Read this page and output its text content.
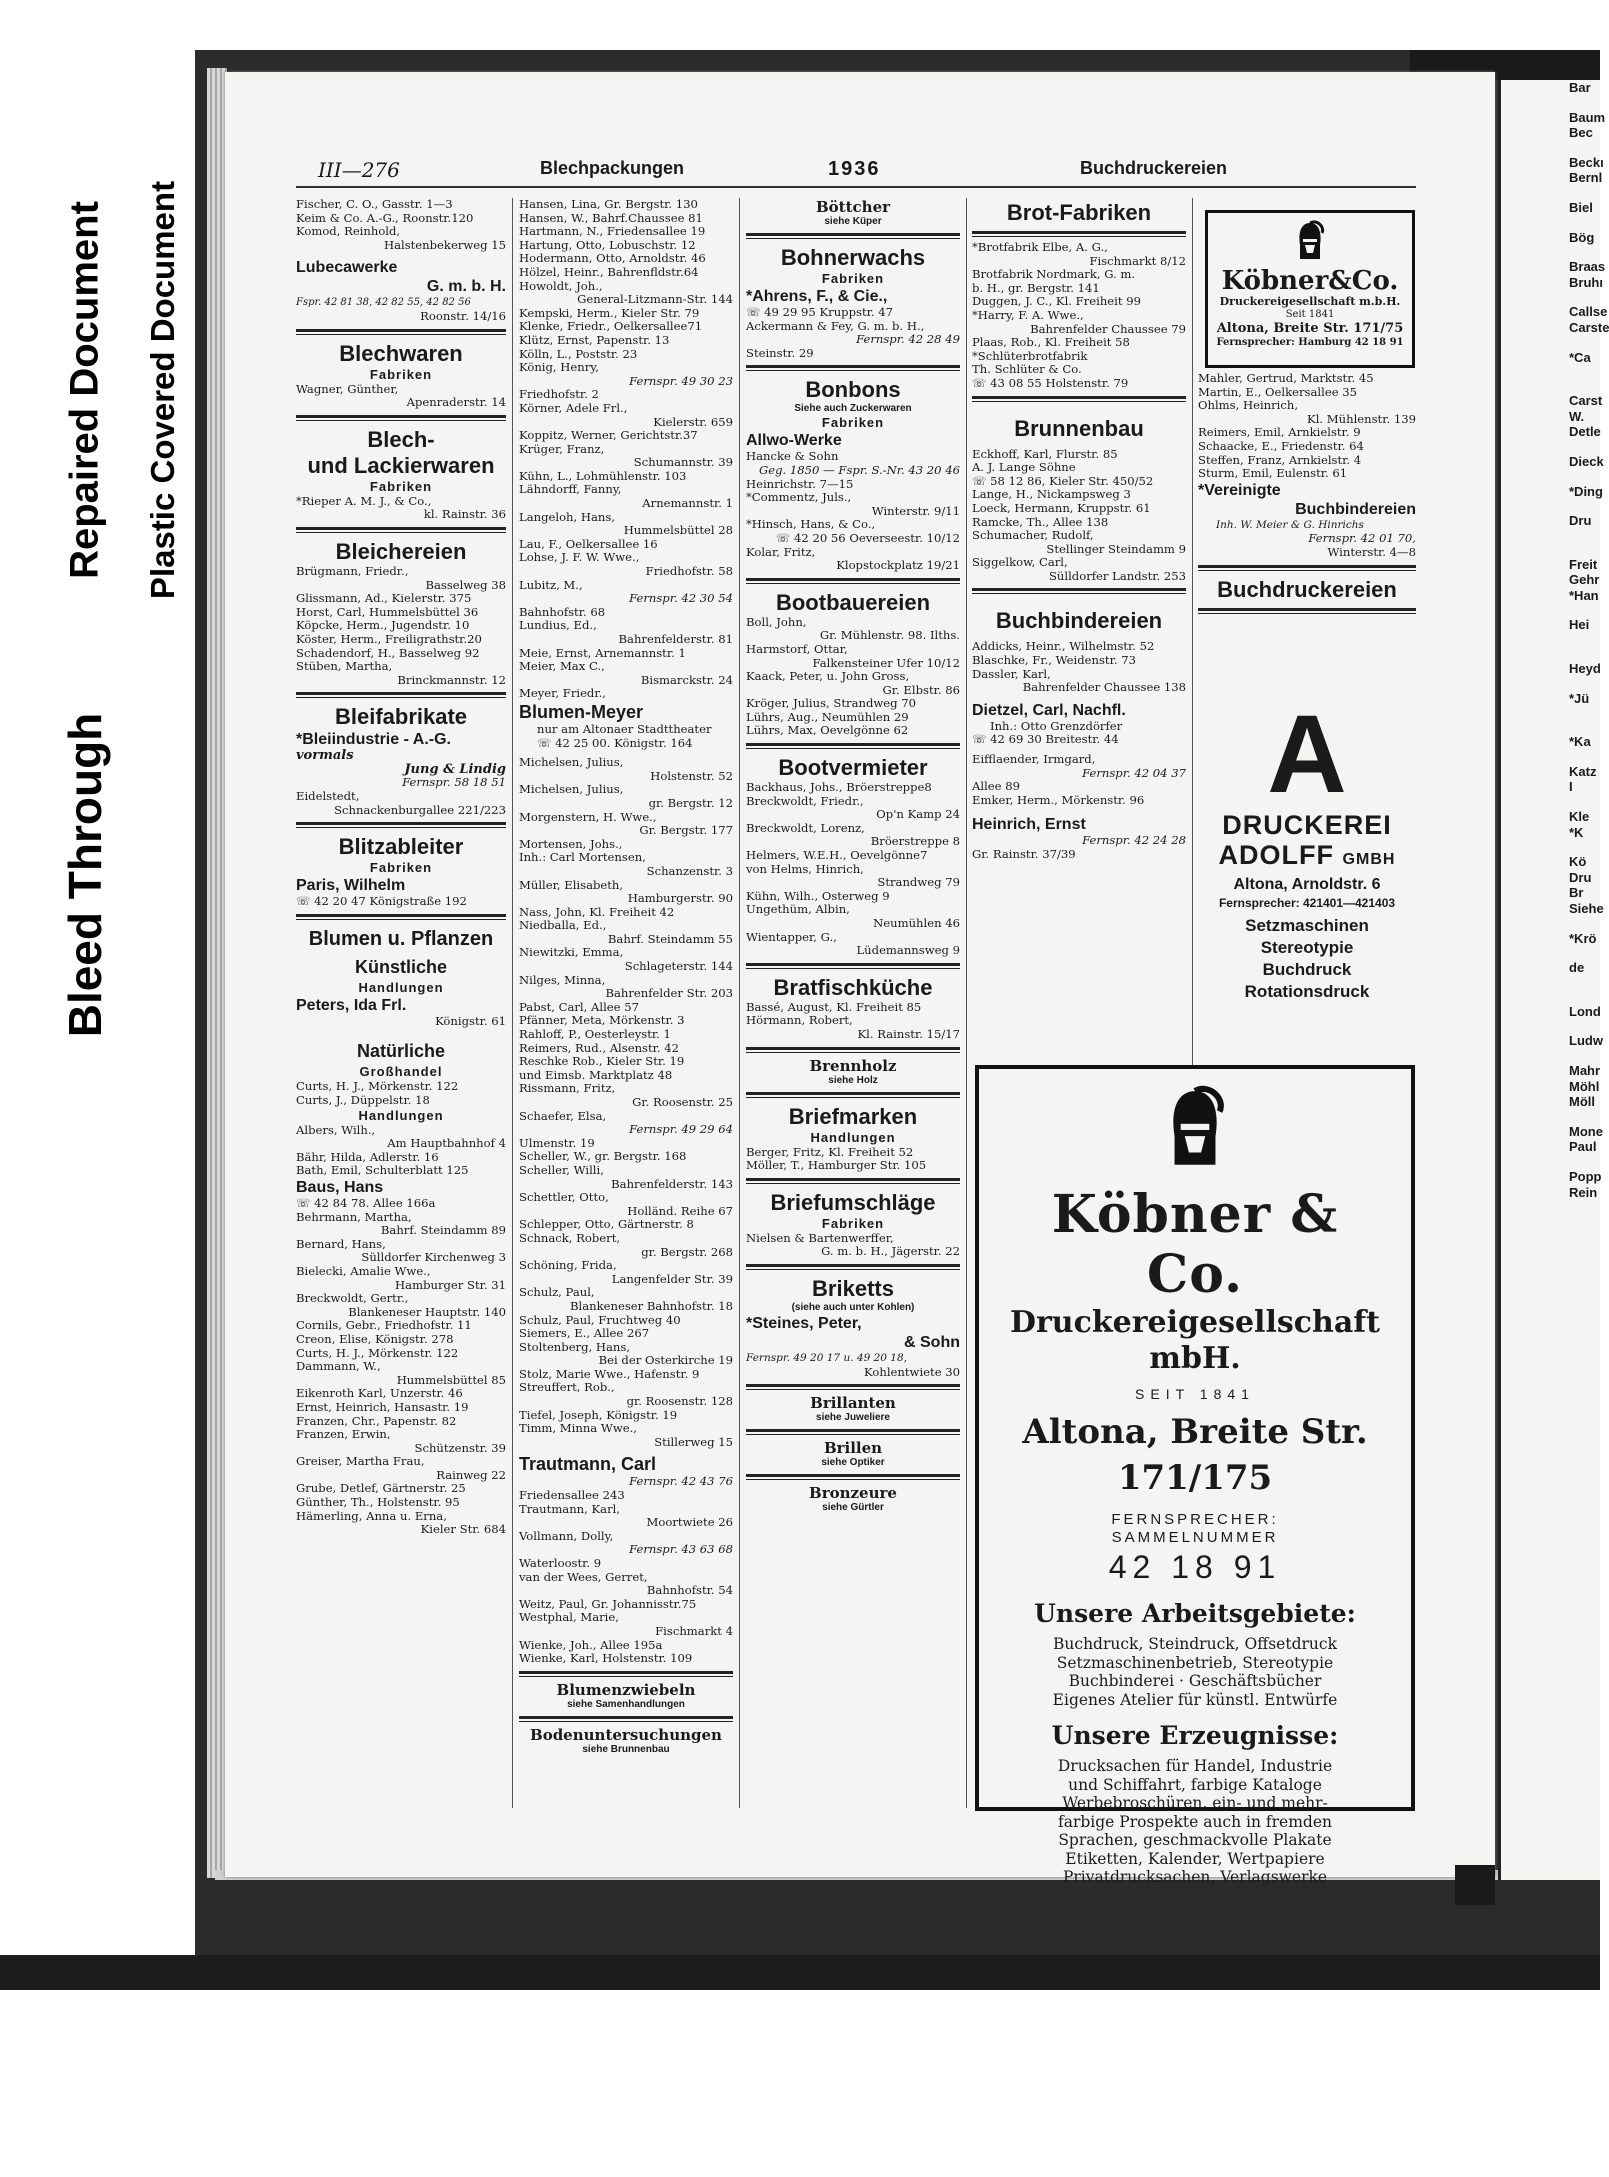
Bleed Through
Repaired Document Plastic Covered Document
Bar
Baum
Bec
Beckı
Bernl
Biel
Bög
Braas
Bruhı
Callse
Carste
*Ca
Carst
W.
Detle
Dieck
*Ding
Dru
Freit
Gehr
*Han
Hei
Heyd
*Jü
*Ka
Katz
I
Kle
*K
Kö
Dru
Br
Siehe
*Krö
de
Lond
Ludw
Mahr
Möhl
Möll
Mone
Paul
Popp
Rein
III—276	Blechpackungen	1936	Buchdruckereien
Fischer, C. O., Gasstr. 1—3
Keim & Co. A.-G., Roonstr.120
Komod, Reinhold,
Halstenbekerweg 15
Lubecawerke
G. m. b. H.
Fspr. 42 81 38, 42 82 55, 42 82 56
Roonstr. 14/16
Blechwaren
Fabriken
Wagner, Günther,
Apenraderstr. 14
Blech-
und Lackierwaren
Fabriken
*Rieper A. M. J., & Co.,
kl. Rainstr. 36
Bleichereien
Brügmann, Friedr.,
Basselweg 38
Glissmann, Ad., Kielerstr. 375
Horst, Carl, Hummelsbüttel 36
Köpcke, Herm., Jugendstr. 10
Köster, Herm., Freiligrathstr.20
Schadendorf, H., Basselweg 92
Stüben, Martha,
Brinckmannstr. 12
Bleifabrikate
*Bleiindustrie - A.-G.
vormals
Jung & Lindig
Fernspr. 58 18 51
Eidelstedt,
Schnackenburgallee 221/223
Blitzableiter
Fabriken
Paris, Wilhelm
☏ 42 20 47 Königstraße 192
Blumen u. Pflanzen
Künstliche
Handlungen
Peters, Ida Frl.
Königstr. 61
Natürliche
Großhandel
Curts, H. J., Mörkenstr. 122
Curts, J., Düppelstr. 18
Handlungen
Albers, Wilh.,
Am Hauptbahnhof 4
Bähr, Hilda, Adlerstr. 16
Bath, Emil, Schulterblatt 125
Baus, Hans
☏ 42 84 78. Allee 166a
Behrmann, Martha,
Bahrf. Steindamm 89
Bernard, Hans,
Sülldorfer Kirchenweg 3
Bielecki, Amalie Wwe.,
Hamburger Str. 31
Breckwoldt, Gertr.,
Blankeneser Hauptstr. 140
Cornils, Gebr., Friedhofstr. 11
Creon, Elise, Königstr. 278
Curts, H. J., Mörkenstr. 122
Dammann, W.,
Hummelsbüttel 85
Eikenroth Karl, Unzerstr. 46
Ernst, Heinrich, Hansastr. 19
Franzen, Chr., Papenstr. 82
Franzen, Erwin,
Schützenstr. 39
Greiser, Martha Frau,
Rainweg 22
Grube, Detlef, Gärtnerstr. 25
Günther, Th., Holstenstr. 95
Hämerling, Anna u. Erna,
Kieler Str. 684
Hansen, Lina, Gr. Bergstr. 130
Hansen, W., Bahrf.Chaussee 81
Hartmann, N., Friedensallee 19
Hartung, Otto, Lobuschstr. 12
Hodermann, Otto, Arnoldstr. 46
Hölzel, Heinr., Bahrenfldstr.64
Howoldt, Joh.,
General-Litzmann-Str. 144
Kempski, Herm., Kieler Str. 79
Klenke, Friedr., Oelkersallee71
Klütz, Ernst, Papenstr. 13
Kölln, L., Poststr. 23
König, Henry,
Fernspr. 49 30 23
Friedhofstr. 2
Körner, Adele Frl.,
Kielerstr. 659
Koppitz, Werner, Gerichtstr.37
Krüger, Franz,
Schumannstr. 39
Kühn, L., Lohmühlenstr. 103
Lähndorff, Fanny,
Arnemannstr. 1
Langeloh, Hans,
Hummelsbüttel 28
Lau, F., Oelkersallee 16
Lohse, J. F. W. Wwe.,
Friedhofstr. 58
Lubitz, M.,
Fernspr. 42 30 54
Bahnhofstr. 68
Lundius, Ed.,
Bahrenfelderstr. 81
Meie, Ernst, Arnemannstr. 1
Meier, Max C.,
Bismarckstr. 24
Meyer, Friedr.,
Blumen-Meyer
nur am Altonaer Stadttheater
☏ 42 25 00. Königstr. 164
Michelsen, Julius,
Holstenstr. 52
Michelsen, Julius,
gr. Bergstr. 12
Morgenstern, H. Wwe.,
Gr. Bergstr. 177
Mortensen, Johs.,
Inh.: Carl Mortensen,
Schanzenstr. 3
Müller, Elisabeth,
Hamburgerstr. 90
Nass, John, Kl. Freiheit 42
Niedballa, Ed.,
Bahrf. Steindamm 55
Niewitzki, Emma,
Schlageterstr. 144
Nilges, Minna,
Bahrenfelder Str. 203
Pabst, Carl, Allee 57
Pfänner, Meta, Mörkenstr. 3
Rahloff, P., Oesterleystr. 1
Reimers, Rud., Alsenstr. 42
Reschke Rob., Kieler Str. 19
und Eimsb. Marktplatz 48
Rissmann, Fritz,
Gr. Roosenstr. 25
Schaefer, Elsa,
Fernspr. 49 29 64
Ulmenstr. 19
Scheller, W., gr. Bergstr. 168
Scheller, Willi,
Bahrenfelderstr. 143
Schettler, Otto,
Holländ. Reihe 67
Schlepper, Otto, Gärtnerstr. 8
Schnack, Robert,
gr. Bergstr. 268
Schöning, Frida,
Langenfelder Str. 39
Schulz, Paul,
Blankeneser Bahnhofstr. 18
Schulz, Paul, Fruchtweg 40
Siemers, E., Allee 267
Stoltenberg, Hans,
Bei der Osterkirche 19
Stolz, Marie Wwe., Hafenstr. 9
Streuffert, Rob.,
gr. Roosenstr. 128
Tiefel, Joseph, Königstr. 19
Timm, Minna Wwe.,
Stillerweg 15
Trautmann, Carl
Fernspr. 42 43 76
Friedensallee 243
Trautmann, Karl,
Moortwiete 26
Vollmann, Dolly,
Fernspr. 43 63 68
Waterloostr. 9
van der Wees, Gerret,
Bahnhofstr. 54
Weitz, Paul, Gr. Johannisstr.75
Westphal, Marie,
Fischmarkt 4
Wienke, Joh., Allee 195a
Wienke, Karl, Holstenstr. 109
Blumenzwiebeln
siehe Samenhandlungen
Bodenuntersuchungen
siehe Brunnenbau
Böttcher
siehe Küper
Bohnerwachs
Fabriken
*Ahrens, F., & Cie.,
☏ 49 29 95 Kruppstr. 47
Ackermann & Fey, G. m. b. H.,
Fernspr. 42 28 49
Steinstr. 29
Bonbons
Siehe auch Zuckerwaren
Fabriken
Allwo-Werke
Hancke & Sohn
Geg. 1850 — Fspr. S.-Nr. 43 20 46
Heinrichstr. 7—15
*Commentz, Juls.,
Winterstr. 9/11
*Hinsch, Hans, & Co.,
☏ 42 20 56 Oeverseestr. 10/12
Kolar, Fritz,
Klopstockplatz 19/21
Bootbauereien
Boll, John,
Gr. Mühlenstr. 98. Ilths.
Harmstorf, Ottar,
Falkensteiner Ufer 10/12
Kaack, Peter, u. John Gross,
Gr. Elbstr. 86
Kröger, Julius, Strandweg 70
Lührs, Aug., Neumühlen 29
Lührs, Max, Oevelgönne 62
Bootvermieter
Backhaus, Johs., Bröerstreppe8
Breckwoldt, Friedr.,
Op'n Kamp 24
Breckwoldt, Lorenz,
Bröerstreppe 8
Helmers, W.E.H., Oevelgönne7
von Helms, Hinrich,
Strandweg 79
Kühn, Wilh., Osterweg 9
Ungethüm, Albin,
Neumühlen 46
Wientapper, G.,
Lüdemannsweg 9
Bratfischküche
Bassé, August, Kl. Freiheit 85
Hörmann, Robert,
Kl. Rainstr. 15/17
Brennholz
siehe Holz
Briefmarken
Handlungen
Berger, Fritz, Kl. Freiheit 52
Möller, T., Hamburger Str. 105
Briefumschläge
Fabriken
Nielsen & Bartenwerffer,
G. m. b. H., Jägerstr. 22
Briketts
(siehe auch unter Kohlen)
*Steines, Peter,
& Sohn
Fernspr. 49 20 17 u. 49 20 18,
Kohlentwiete 30
Brillanten
siehe Juweliere
Brillen
siehe Optiker
Bronzeure
siehe Gürtler
Brot-Fabriken
*Brotfabrik Elbe, A. G.,
Fischmarkt 8/12
Brotfabrik Nordmark, G. m.
b. H., gr. Bergstr. 141
Duggen, J. C., Kl. Freiheit 99
*Harry, F. A. Wwe.,
Bahrenfelder Chaussee 79
Plaas, Rob., Kl. Freiheit 58
*Schlüterbrotfabrik
Th. Schlüter & Co.
☏ 43 08 55 Holstenstr. 79
Brunnenbau
Eckhoff, Karl, Flurstr. 85
A. J. Lange Söhne
☏ 58 12 86, Kieler Str. 450/52
Lange, H., Nickampsweg 3
Loeck, Hermann, Kruppstr. 61
Ramcke, Th., Allee 138
Schumacher, Rudolf,
Stellinger Steindamm 9
Siggelkow, Carl,
Sülldorfer Landstr. 253
Buchbindereien
Addicks, Heinr., Wilhelmstr. 52
Blaschke, Fr., Weidenstr. 73
Dassler, Karl,
Bahrenfelder Chaussee 138
Dietzel, Carl, Nachfl.
Inh.: Otto Grenzdörfer
☏ 42 69 30 Breitestr. 44
Eifflaender, Irmgard,
Fernspr. 42 04 37
Allee 89
Emker, Herm., Mörkenstr. 96
Heinrich, Ernst
Fernspr. 42 24 28
Gr. Rainstr. 37/39
Mahler, Gertrud, Marktstr. 45
Martin, E., Oelkersallee 35
Ohlms, Heinrich,
Kl. Mühlenstr. 139
Reimers, Emil, Arnkielstr. 9
Schaacke, E., Friedenstr. 64
Steffen, Franz, Arnkielstr. 4
Sturm, Emil, Eulenstr. 61
*Vereinigte
Buchbindereien
Inh. W. Meier & G. Hinrichs
Fernspr. 42 01 70,
Winterstr. 4—8
Buchdruckereien
Köbner&Co.
Druckereigesellschaft m.b.H.
Seit 1841
Altona, Breite Str. 171/75
Fernsprecher: Hamburg 42 18 91
A
DRUCKEREI
ADOLFF GMBH
Altona, Arnoldstr. 6
Fernsprecher: 421401—421403
Setzmaschinen
Stereotypie
Buchdruck
Rotationsdruck
Köbner & Co.
Druckereigesellschaft mbH.
SEIT 1841
Altona, Breite Str. 171/175
FERNSPRECHER:
SAMMELNUMMER
42 18 91
Unsere Arbeitsgebiete:
Buchdruck, Steindruck, Offsetdruck
Setzmaschinenbetrieb, Stereotypie
Buchbinderei · Geschäftsbücher
Eigenes Atelier für künstl. Entwürfe
Unsere Erzeugnisse:
Drucksachen für Handel, Industrie
und Schiffahrt, farbige Kataloge
Werbebroschüren, ein- und mehr-
farbige Prospekte auch in fremden
Sprachen, geschmackvolle Plakate
Etiketten, Kalender, Wertpapiere
Privatdrucksachen, Verlagswerke
